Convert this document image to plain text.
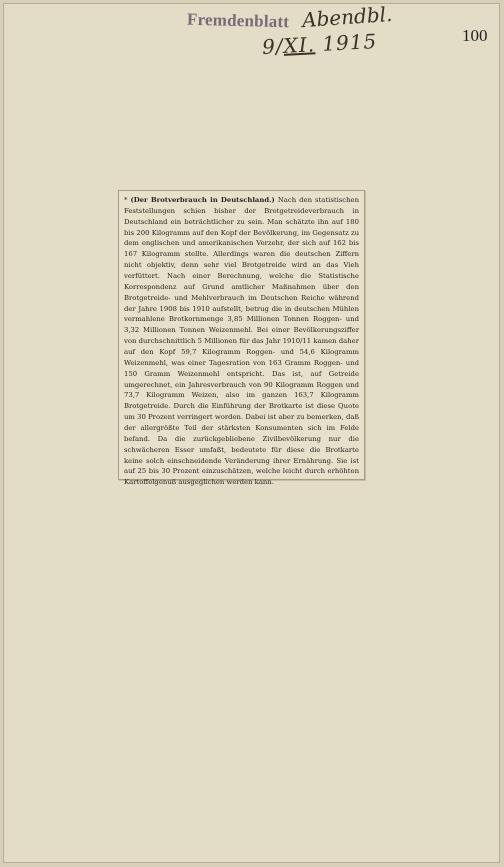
Fremdenblatt Abendbl.
9/XI. 1915	100
* (Der Brotverbrauch in Deutschland.) Nach den statistischen Feststellungen schien bisher der Brotgetreideverbrauch in Deutschland ein beträchtlicher zu sein. Man schätzte ihn auf 180 bis 200 Kilogramm auf den Kopf der Bevölkerung, im Gegensatz zu dem englischen und amerikanischen Verzehr, der sich auf 162 bis 167 Kilogramm stellte. Allerdings waren die deutschen Ziffern nicht objektiv, denn sehr viel Brotgetreide wird an das Vieh verfüttert. Nach einer Berechnung, welche die Statistische Korrespondenz auf Grund amtlicher Maßnahmen über den Brotgetreide- und Mehlverbrauch im Deutschen Reiche während der Jahre 1908 bis 1910 aufstellt, betrug die in deutschen Mühlen vermahlene Brotkornmenge 3,85 Millionen Tonnen Roggen- und 3,32 Millionen Tonnen Weizenmehl. Bei einer Bevölkerungsziffer von durchschnittlich 5 Millionen für das Jahr 1910/11 kamen daher auf den Kopf 59,7 Kilogramm Roggen- und 54,6 Kilogramm Weizenmehl, was einer Tagesration von 163 Gramm Roggen- und 150 Gramm Weizenmehl entspricht. Das ist, auf Getreide umgerechnet, ein Jahresverbrauch von 90 Kilogramm Roggen und 73,7 Kilogramm Weizen, also im ganzen 163,7 Kilogramm Brotgetreide. Durch die Einführung der Brotkarte ist diese Quote um 30 Prozent verringert worden. Dabei ist aber zu bemerken, daß der allergrößte Teil der stärksten Konsumenten sich im Felde befand. Da die zurückgebliebene Zivilbevölkerung nur die schwächeren Esser umfaßt, bedeutete für diese die Brotkarte keine solch einschneidende Veränderung ihrer Ernährung. Sie ist auf 25 bis 30 Prozent einzuschätzen, welche leicht durch erhöhten Kartoffelgenuß ausgeglichen werden kann.
